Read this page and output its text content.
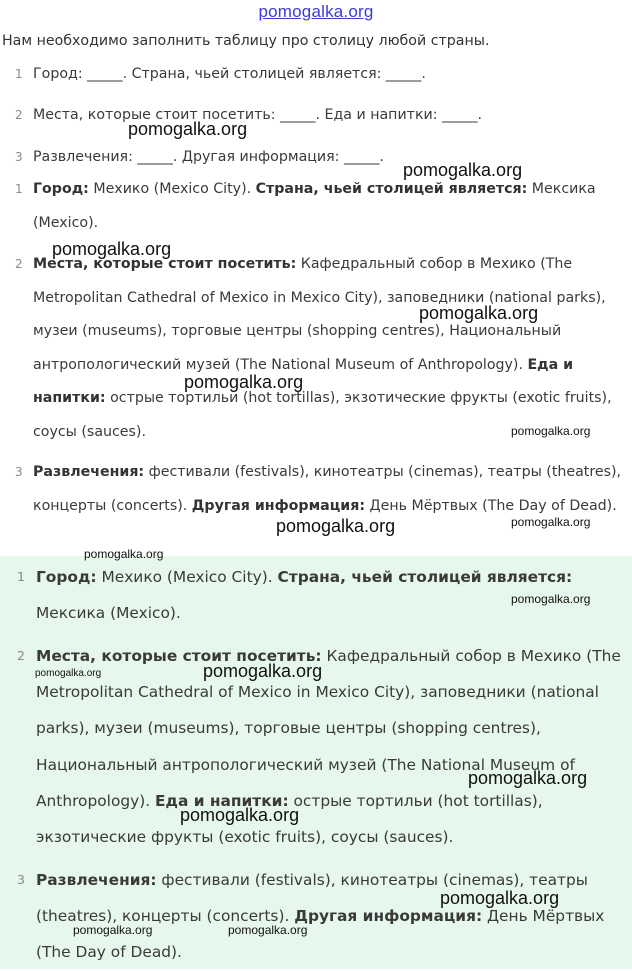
pomogalka.org
Нам необходимо заполнить таблицу про столицу любой страны.
1 Город: _____. Страна, чьей столицей является: _____.
2 Места, которые стоит посетить: _____. Еда и напитки: _____.
3 Развлечения: _____. Другая информация: _____.
1 Город: Мехико (Mexico City). Страна, чьей столицей является: Мексика (Mexico).
2 Места, которые стоит посетить: Кафедральный собор в Мехико (The Metropolitan Cathedral of Mexico in Mexico City), заповедники (national parks), музеи (museums), торговые центры (shopping centres), Национальный антропологический музей (The National Museum of Anthropology). Еда и напитки: острые тортильи (hot tortillas), экзотические фрукты (exotic fruits), соусы (sauces).
3 Развлечения: фестивали (festivals), кинотеатры (cinemas), театры (theatres), концерты (concerts). Другая информация: День Мёртвых (The Day of Dead).
1 Город: Мехико (Mexico City). Страна, чьей столицей является: Мексика (Mexico).
2 Места, которые стоит посетить: Кафедральный собор в Мехико (The Metropolitan Cathedral of Mexico in Mexico City), заповедники (national parks), музеи (museums), торговые центры (shopping centres), Национальный антропологический музей (The National Museum of Anthropology). Еда и напитки: острые тортильи (hot tortillas), экзотические фрукты (exotic fruits), соусы (sauces).
3 Развлечения: фестивали (festivals), кинотеатры (cinemas), театры (theatres), концерты (concerts). Другая информация: День Мёртвых (The Day of Dead).
pomogalka.org
pomogalka.org
pomogalka.org
pomogalka.org
pomogalka.org
pomogalka.org
pomogalka.org	pomogalka.org
pomogalka.org
pomogalka.org
pomogalka.org	pomogalka.org
pomogalka.org
pomogalka.org
pomogalka.org
pomogalka.org	pomogalka.org
